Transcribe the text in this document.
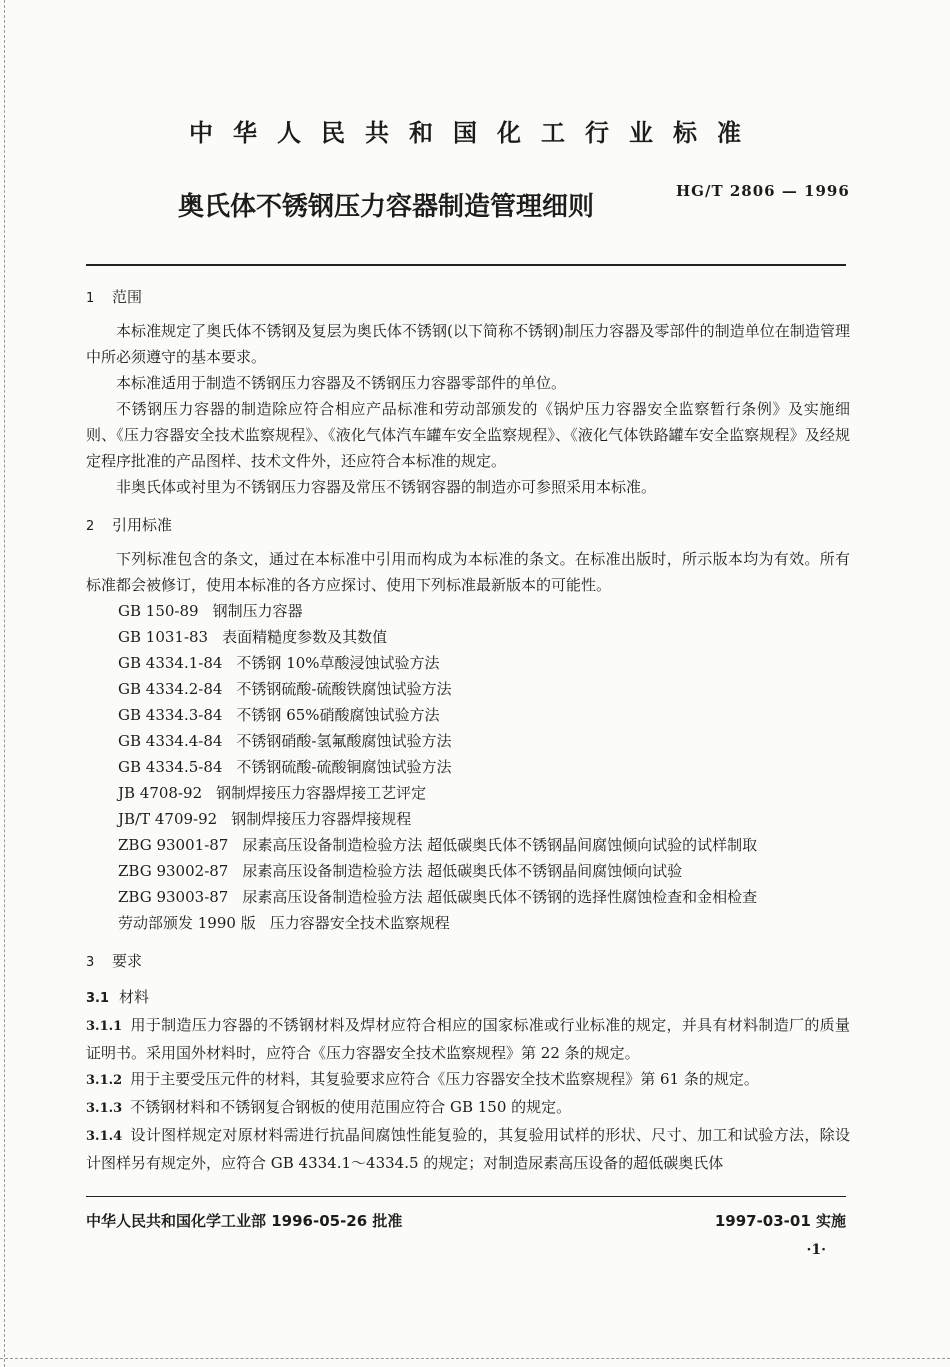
中华人民共和国化工行业标准
奥氏体不锈钢压力容器制造管理细则
HG/T 2806 — 1996
1 范围

本标准规定了奥氏体不锈钢及复层为奥氏体不锈钢(以下简称不锈钢)制压力容器及零部件的制造单位在制造管理中所必须遵守的基本要求。

本标准适用于制造不锈钢压力容器及不锈钢压力容器零部件的单位。

不锈钢压力容器的制造除应符合相应产品标准和劳动部颁发的《锅炉压力容器安全监察暂行条例》及实施细则、《压力容器安全技术监察规程》、《液化气体汽车罐车安全监察规程》、《液化气体铁路罐车安全监察规程》及经规定程序批准的产品图样、技术文件外，还应符合本标准的规定。

非奥氏体或衬里为不锈钢压力容器及常压不锈钢容器的制造亦可参照采用本标准。

2 引用标准

下列标准包含的条文，通过在本标准中引用而构成为本标准的条文。在标准出版时，所示版本均为有效。所有标准都会被修订，使用本标准的各方应探讨、使用下列标准最新版本的可能性。

GB 150-89 钢制压力容器
GB 1031-83 表面精糙度参数及其数值
GB 4334.1-84 不锈钢 10%草酸浸蚀试验方法
GB 4334.2-84 不锈钢硫酸-硫酸铁腐蚀试验方法
GB 4334.3-84 不锈钢 65%硝酸腐蚀试验方法
GB 4334.4-84 不锈钢硝酸-氢氟酸腐蚀试验方法
GB 4334.5-84 不锈钢硫酸-硫酸铜腐蚀试验方法
JB 4708-92 钢制焊接压力容器焊接工艺评定
JB/T 4709-92 钢制焊接压力容器焊接规程
ZBG 93001-87 尿素高压设备制造检验方法 超低碳奥氏体不锈钢晶间腐蚀倾向试验的试样制取
ZBG 93002-87 尿素高压设备制造检验方法 超低碳奥氏体不锈钢晶间腐蚀倾向试验
ZBG 93003-87 尿素高压设备制造检验方法 超低碳奥氏体不锈钢的选择性腐蚀检查和金相检查
劳动部颁发 1990 版 压力容器安全技术监察规程
3 要求
3.1 材料

3.1.1 用于制造压力容器的不锈钢材料及焊材应符合相应的国家标准或行业标准的规定，并具有材料制造厂的质量证明书。采用国外材料时，应符合《压力容器安全技术监察规程》第 22 条的规定。

3.1.2 用于主要受压元件的材料，其复验要求应符合《压力容器安全技术监察规程》第 61 条的规定。

3.1.3 不锈钢材料和不锈钢复合钢板的使用范围应符合 GB 150 的规定。

3.1.4 设计图样规定对原材料需进行抗晶间腐蚀性能复验的，其复验用试样的形状、尺寸、加工和试验方法，除设计图样另有规定外，应符合 GB 4334.1～4334.5 的规定；对制造尿素高压设备的超低碳奥氏体

中华人民共和国化学工业部 1996-05-26 批准	1997-03-01 实施
·1·
